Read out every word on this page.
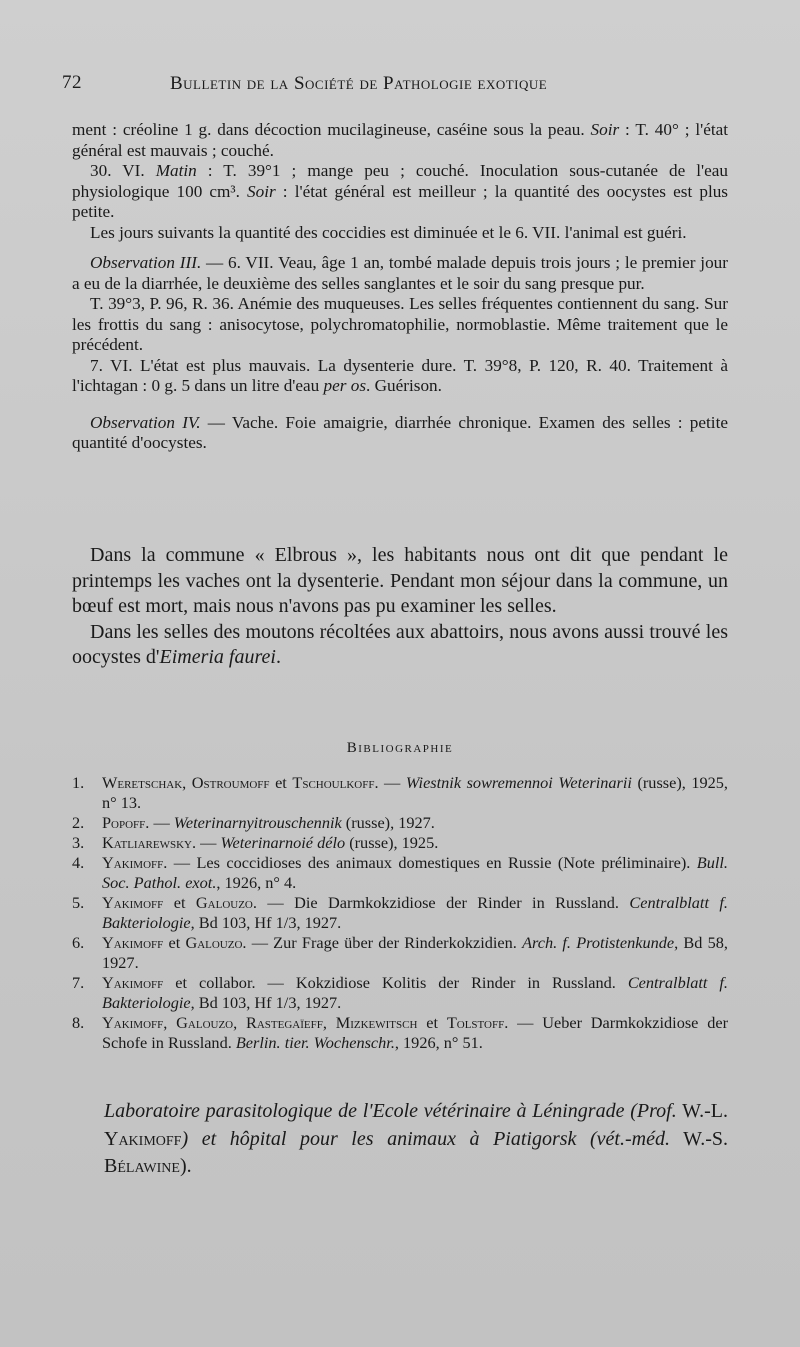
72	Bulletin de la Société de Pathologie exotique

ment : créoline 1 g. dans décoction mucilagineuse, caséine sous la peau. Soir : T. 40° ; l'état général est mauvais ; couché.

30. VI. Matin : T. 39°1 ; mange peu ; couché. Inoculation sous-cutanée de l'eau physiologique 100 cm³. Soir : l'état général est meilleur ; la quantité des oocystes est plus petite.

Les jours suivants la quantité des coccidies est diminuée et le 6. VII. l'animal est guéri.

Observation III. — 6. VII. Veau, âge 1 an, tombé malade depuis trois jours ; le premier jour a eu de la diarrhée, le deuxième des selles sanglantes et le soir du sang presque pur.

T. 39°3, P. 96, R. 36. Anémie des muqueuses. Les selles fréquentes contiennent du sang. Sur les frottis du sang : anisocytose, polychromatophilie, normoblastie. Même traitement que le précédent.

7. VI. L'état est plus mauvais. La dysenterie dure. T. 39°8, P. 120, R. 40. Traitement à l'ichtagan : 0 g. 5 dans un litre d'eau per os. Guérison.

Observation IV. — Vache. Foie amaigrie, diarrhée chronique. Examen des selles : petite quantité d'oocystes.

Dans la commune « Elbrous », les habitants nous ont dit que pendant le printemps les vaches ont la dysenterie. Pendant mon séjour dans la commune, un bœuf est mort, mais nous n'avons pas pu examiner les selles.

Dans les selles des moutons récoltées aux abattoirs, nous avons aussi trouvé les oocystes d'Eimeria faurei.

Bibliographie
1. Weretschak, Ostroumoff et Tschoulkoff. — Wiestnik sowremennoi Weterinarii (russe), 1925, n° 13.
2. Popoff. — Weterinarnyitrouschennik (russe), 1927.
3. Katliarewsky. — Weterinarnoié délo (russe), 1925.
4. Yakimoff. — Les coccidioses des animaux domestiques en Russie (Note préliminaire). Bull. Soc. Pathol. exot., 1926, n° 4.
5. Yakimoff et Galouzo. — Die Darmkokzidiose der Rinder in Russland. Centralblatt f. Bakteriologie, Bd 103, Hf 1/3, 1927.
6. Yakimoff et Galouzo. — Zur Frage über der Rinderkokzidien. Arch. f. Protistenkunde, Bd 58, 1927.
7. Yakimoff et collabor. — Kokzidiose Kolitis der Rinder in Russland. Centralblatt f. Bakteriologie, Bd 103, Hf 1/3, 1927.
8. Yakimoff, Galouzo, Rastegaïeff, Mizkewitsch et Tolstoff. — Ueber Darmkokzidiose der Schofe in Russland. Berlin. tier. Wochenschr., 1926, n° 51.
Laboratoire parasitologique de l'Ecole vétérinaire à Léningrade (Prof. W.-L. Yakimoff) et hôpital pour les animaux à Piatigorsk (vét.-méd. W.-S. Bélawine).
